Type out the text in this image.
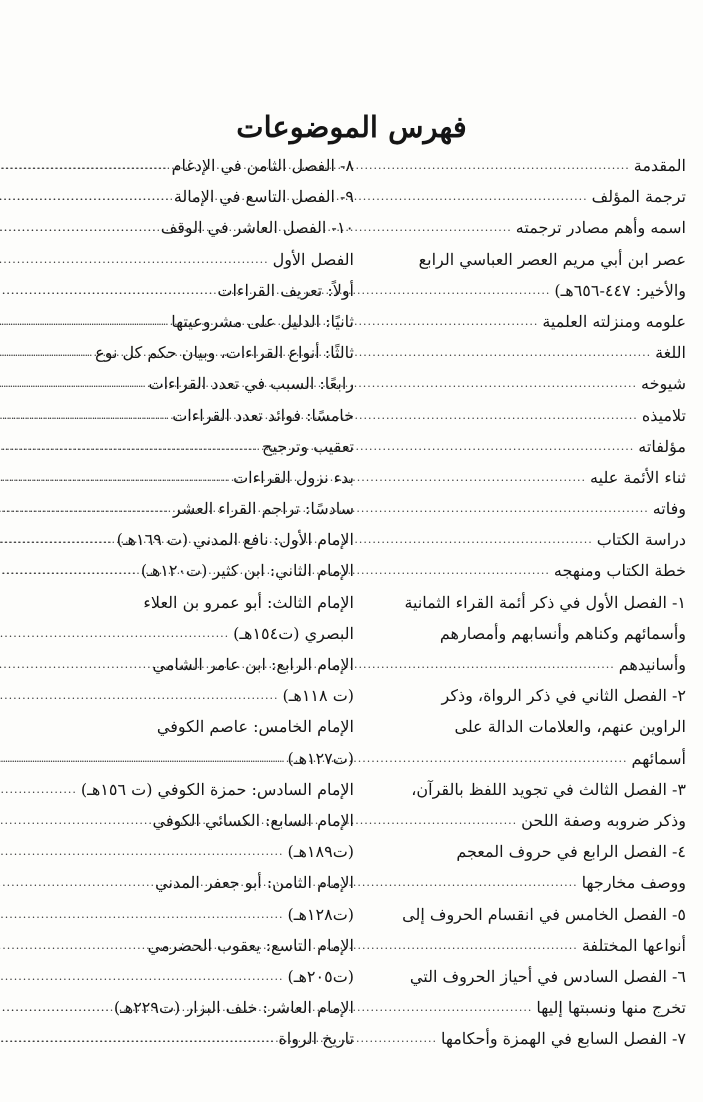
فهرس الموضوعات
المقدمة
.....
ترجمة المؤلف
.....
اسمه وأهم مصادر ترجمته
.....
عصر ابن أبي مريم العصر العباسي الرابع
والأخير: ٤٤٧-٦٥٦هـ)
.....
علومه ومنزلته العلمية
.....
اللغة
.....
شيوخه
.....
تلاميذه
.....
مؤلفاته
.....
ثناء الأئمة عليه
.....
وفاته
.....
دراسة الكتاب
.....
خطة الكتاب ومنهجه
.....
١- الفصل الأول في ذكر أئمة القراء الثمانية
وأسمائهم وكناهم وأنسابهم وأمصارهم
وأسانيدهم
.....
٢- الفصل الثاني في ذكر الرواة، وذكر
الراوين عنهم، والعلامات الدالة على
أسمائهم
.....
٣- الفصل الثالث في تجويد اللفظ بالقرآن،
وذكر ضروبه وصفة اللحن
.....
٤- الفصل الرابع في حروف المعجم
ووصف مخارجها
.....
٥- الفصل الخامس في انقسام الحروف إلى
أنواعها المختلفة
.....
٦- الفصل السادس في أحياز الحروف التي
تخرج منها ونسبتها إليها
.....
٧- الفصل السابع في الهمزة وأحكامها
.....
٨- الفصل الثامن في الإدغام
.....
٩- الفصل التاسع في الإمالة
.....
١٠- الفصل العاشر في الوقف
.....
الفصل الأول
.....
أولاً: تعريف القراءات
.....
ثانيًا: الدليل على مشروعيتها
.....
ثالثًا: أنواع القراءات، وبيان حكم كل نوع
.....
رابعًا: السبب في تعدد القراءات
.....
خامسًا: فوائد تعدد القراءات
.....
تعقيب وترجيح
.....
بدء نزول القراءات
.....
سادسًا: تراجم القراء العشر
.....
الإمام الأول: نافع المدني (ت ١٦٩هـ)
.....
الإمام الثاني: ابن كثير (ت١٢٠هـ)
.....
الإمام الثالث: أبو عمرو بن العلاء
البصري (ت١٥٤هـ)
.....
الإمام الرابع: ابن عامر الشامي
(ت ١١٨هـ)
.....
الإمام الخامس: عاصم الكوفي
(ت١٢٧هـ)
.....
الإمام السادس: حمزة الكوفي (ت ١٥٦هـ)
.....
الإمام السابع: الكسائي الكوفي
(ت١٨٩هـ)
.....
الإمام الثامن: أبو جعفر المدني
(ت١٢٨هـ)
.....
الإمام التاسع: يعقوب الحضرمي
(ت٢٠٥هـ)
.....
الإمام العاشر: خلف البزار (ت٢٢٩هـ)
.....
تاريخ الرواة
.....
